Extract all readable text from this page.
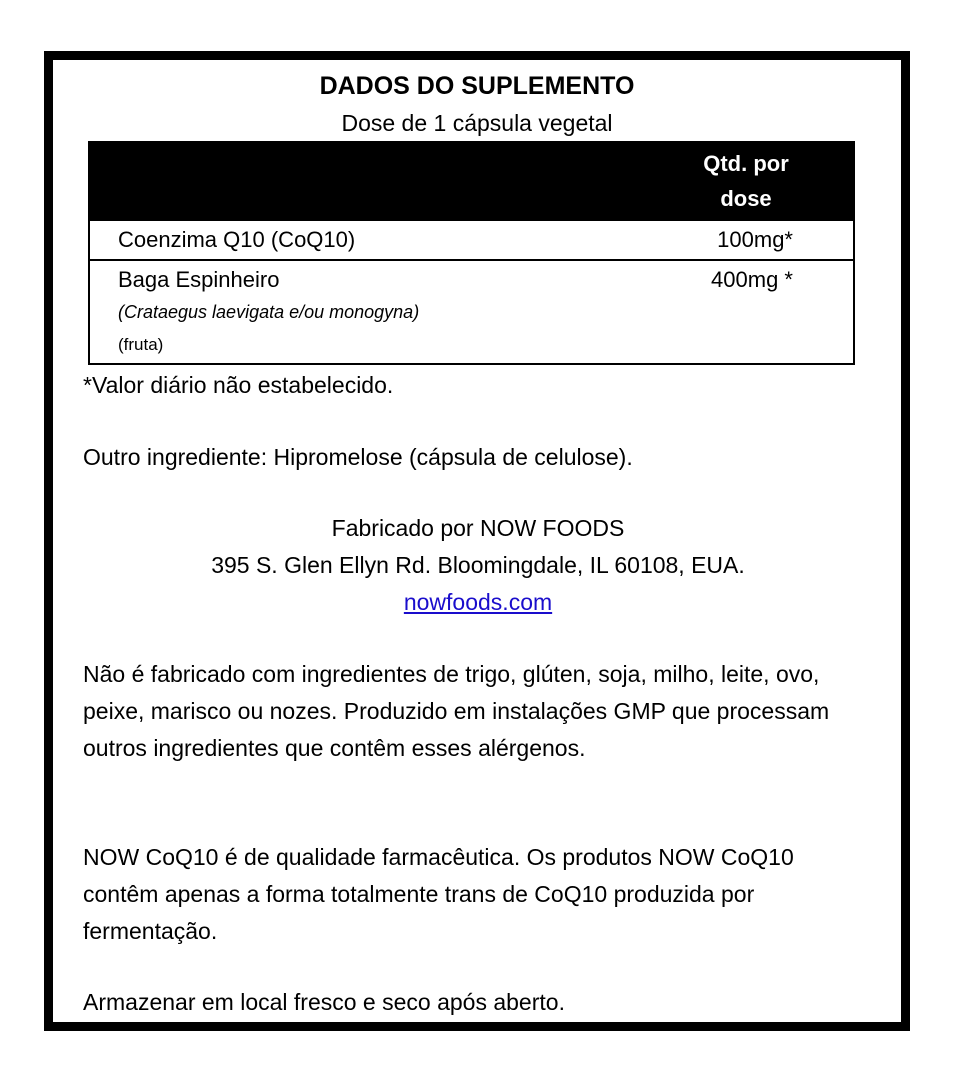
DADOS DO SUPLEMENTO
Dose de 1 cápsula vegetal
Qtd. por
dose
Coenzima Q10 (CoQ10)	100mg*
Baga Espinheiro
(Crataegus laevigata e/ou monogyna)
(fruta)
400mg *
*Valor diário não estabelecido.
Outro ingrediente: Hipromelose (cápsula de celulose).
Fabricado por NOW FOODS
395 S. Glen Ellyn Rd. Bloomingdale, IL 60108, EUA.
nowfoods.com
Não é fabricado com ingredientes de trigo, glúten, soja, milho, leite, ovo, peixe, marisco ou nozes. Produzido em instalações GMP que processam outros ingredientes que contêm esses alérgenos.
NOW CoQ10 é de qualidade farmacêutica. Os produtos NOW CoQ10 contêm apenas a forma totalmente trans de CoQ10 produzida por fermentação.
Armazenar em local fresco e seco após aberto.
